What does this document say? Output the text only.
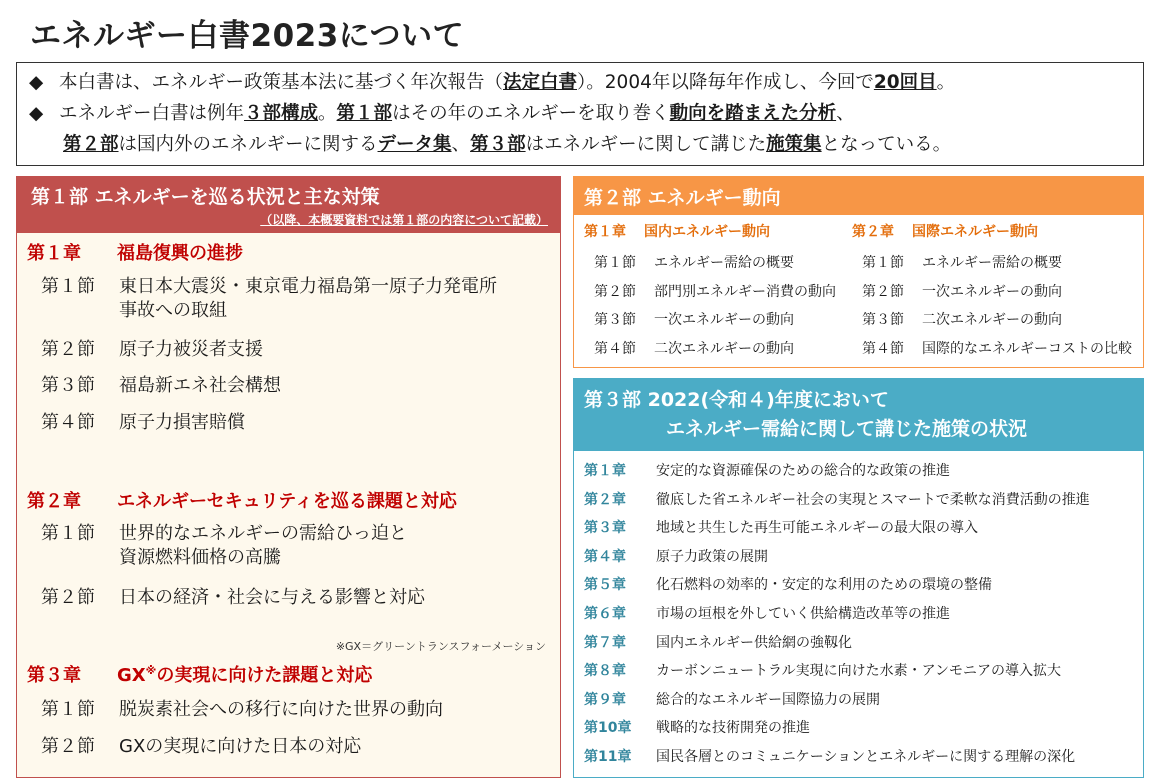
エネルギー白書2023について
◆ 本白書は、エネルギー政策基本法に基づく年次報告（法定白書）。2004年以降毎年作成し、今回で20回目。
◆ エネルギー白書は例年３部構成。第１部はその年のエネルギーを取り巻く動向を踏まえた分析、
第２部は国内外のエネルギーに関するデータ集、第３部はエネルギーに関して講じた施策集となっている。
第１部 エネルギーを巡る状況と主な対策
（以降、本概要資料では第１部の内容について記載）
第１章 福島復興の進捗
第１節 東日本大震災・東京電力福島第一原子力発電所
事故への取組
第２節 原子力被災者支援
第３節 福島新エネ社会構想
第４節 原子力損害賠償
第２章 エネルギーセキュリティを巡る課題と対応
第１節 世界的なエネルギーの需給ひっ迫と
資源燃料価格の高騰
第２節 日本の経済・社会に与える影響と対応
※GX＝グリーントランスフォーメーション
第３章 GX※の実現に向けた課題と対応
第１節 脱炭素社会への移行に向けた世界の動向
第２節 GXの実現に向けた日本の対応
第２部 エネルギー動向
第１章 国内エネルギー動向
第１節 エネルギー需給の概要
第２節 部門別エネルギー消費の動向
第３節 一次エネルギーの動向
第４節 二次エネルギーの動向
第２章 国際エネルギー動向
第１節 エネルギー需給の概要
第２節 一次エネルギーの動向
第３節 二次エネルギーの動向
第４節 国際的なエネルギーコストの比較
第３部 2022(令和４)年度において
エネルギー需給に関して講じた施策の状況
第１章 安定的な資源確保のための総合的な政策の推進
第２章 徹底した省エネルギー社会の実現とスマートで柔軟な消費活動の推進
第３章 地域と共生した再生可能エネルギーの最大限の導入
第４章 原子力政策の展開
第５章 化石燃料の効率的・安定的な利用のための環境の整備
第６章 市場の垣根を外していく供給構造改革等の推進
第７章 国内エネルギー供給網の強靱化
第８章 カーボンニュートラル実現に向けた水素・アンモニアの導入拡大
第９章 総合的なエネルギー国際協力の展開
第10章 戦略的な技術開発の推進
第11章 国民各層とのコミュニケーションとエネルギーに関する理解の深化
